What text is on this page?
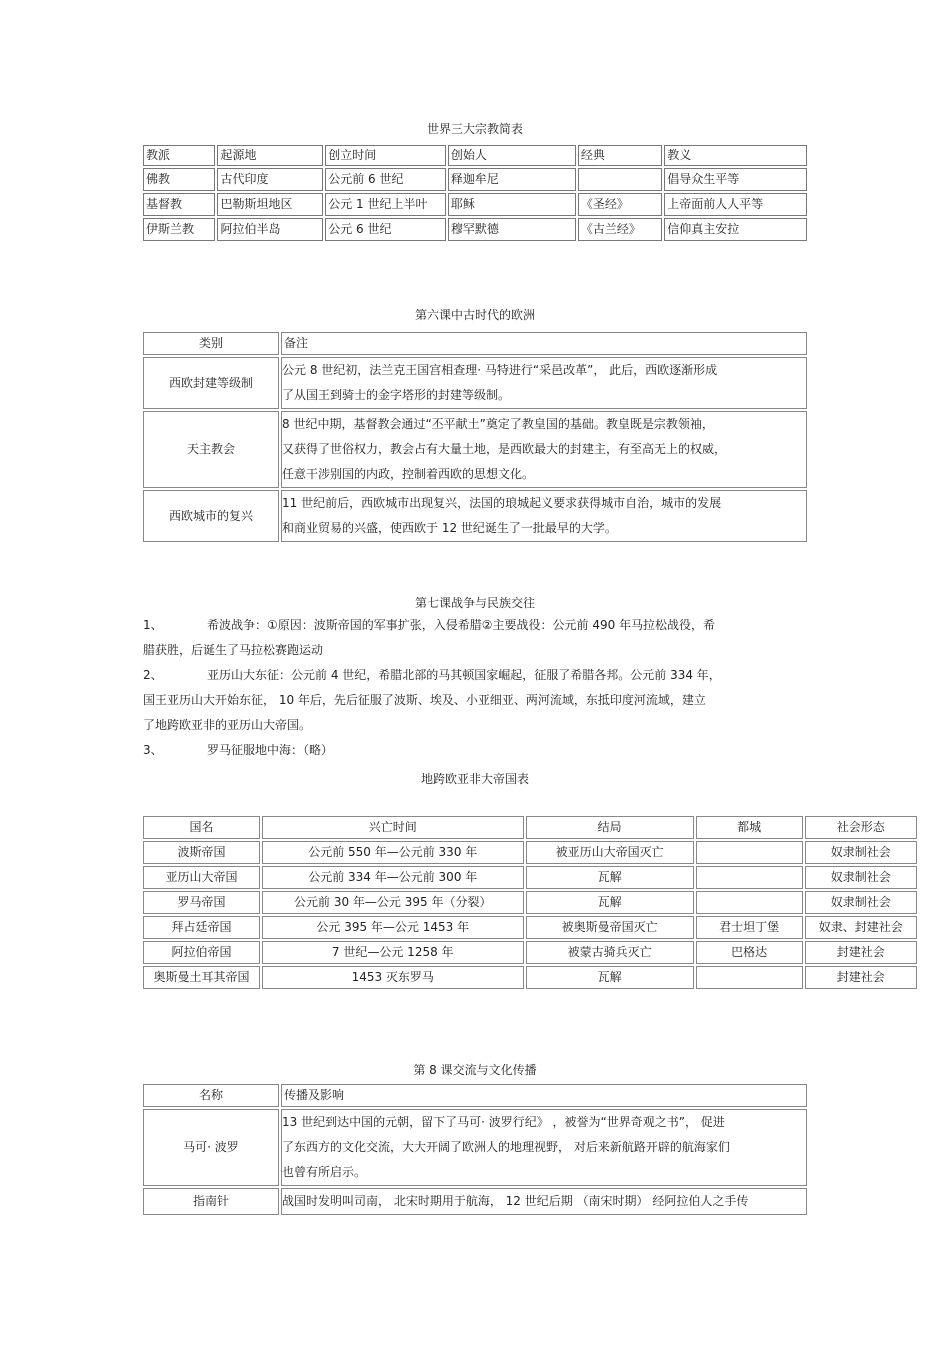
世界三大宗教简表
教派	起源地	创立时间	创始人	经典	教义
佛教	古代印度	公元前 6 世纪	释迦牟尼		倡导众生平等
基督教	巴勒斯坦地区	公元 1 世纪上半叶	耶稣	《圣经》	上帝面前人人平等
伊斯兰教	阿拉伯半岛	公元 6 世纪	穆罕默德	《古兰经》	信仰真主安拉
第六课中古时代的欧洲
类别	备注
西欧封建等级制	公元 8 世纪初，法兰克王国宫相查理· 马特进行“采邑改革”， 此后，西欧逐渐形成
了从国王到骑士的金字塔形的封建等级制。

天主教会	8 世纪中期，基督教会通过“丕平献土”奠定了教皇国的基础。教皇既是宗教领袖，
又获得了世俗权力，教会占有大量土地，是西欧最大的封建主，有至高无上的权威，
任意干涉别国的内政，控制着西欧的思想文化。

西欧城市的复兴	11 世纪前后，西欧城市出现复兴，法国的琅城起义要求获得城市自治，城市的发展
和商业贸易的兴盛，使西欧于 12 世纪诞生了一批最早的大学。
第七课战争与民族交往
1、	希波战争：①原因：波斯帝国的军事扩张，入侵希腊②主要战役：公元前 490 年马拉松战役，希
腊获胜，后诞生了马拉松赛跑运动
2、	亚历山大东征：公元前 4 世纪，希腊北部的马其顿国家崛起，征服了希腊各邦。公元前 334 年，
国王亚历山大开始东征， 10 年后，先后征服了波斯、埃及、小亚细亚、两河流域，东抵印度河流域，建立
了地跨欧亚非的亚历山大帝国。
3、	罗马征服地中海：（略）
地跨欧亚非大帝国表
国名	兴亡时间	结局	都城	社会形态
波斯帝国	公元前 550 年—公元前 330 年	被亚历山大帝国灭亡		奴隶制社会
亚历山大帝国	公元前 334 年—公元前 300 年	瓦解		奴隶制社会
罗马帝国	公元前 30 年—公元 395 年（分裂）	瓦解		奴隶制社会
拜占廷帝国	公元 395 年—公元 1453 年	被奥斯曼帝国灭亡	君士坦丁堡	奴隶、封建社会
阿拉伯帝国	7 世纪—公元 1258 年	被蒙古骑兵灭亡	巴格达	封建社会
奥斯曼土耳其帝国	1453 灭东罗马	瓦解		封建社会
第 8 课交流与文化传播
名称	传播及影响
马可· 波罗	13 世纪到达中国的元朝，留下了马可· 波罗行纪》 ，被誉为“世界奇观之书”， 促进
了东西方的文化交流，大大开阔了欧洲人的地理视野， 对后来新航路开辟的航海家们
也曾有所启示。

指南针	战国时发明叫司南， 北宋时期用于航海， 12 世纪后期 （南宋时期） 经阿拉伯人之手传
